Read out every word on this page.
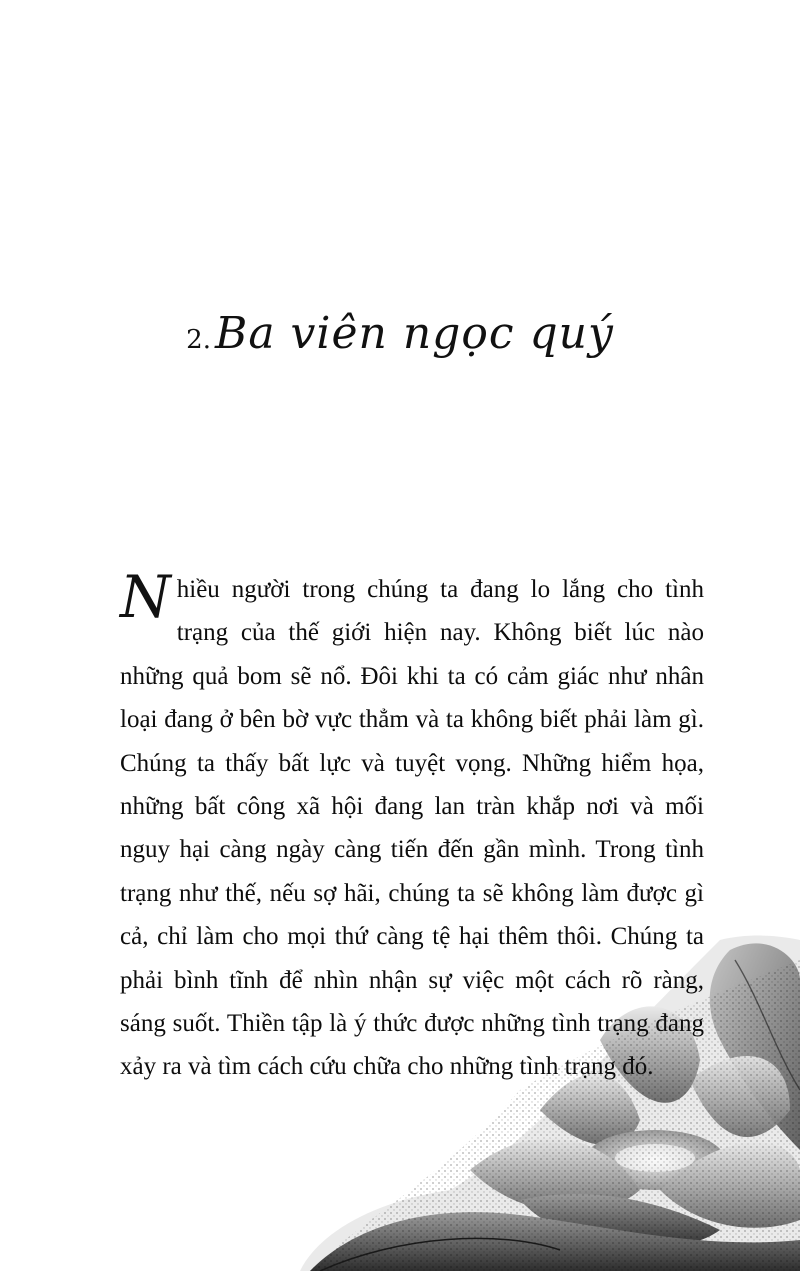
2. Ba viên ngọc quý

Nhiều người trong chúng ta đang lo lắng cho tình trạng của thế giới hiện nay. Không biết lúc nào những quả bom sẽ nổ. Đôi khi ta có cảm giác như nhân loại đang ở bên bờ vực thẳm và ta không biết phải làm gì. Chúng ta thấy bất lực và tuyệt vọng. Những hiểm họa, những bất công xã hội đang lan tràn khắp nơi và mối nguy hại càng ngày càng tiến đến gần mình. Trong tình trạng như thế, nếu sợ hãi, chúng ta sẽ không làm được gì cả, chỉ làm cho mọi thứ càng tệ hại thêm thôi. Chúng ta phải bình tĩnh để nhìn nhận sự việc một cách rõ ràng, sáng suốt. Thiền tập là ý thức được những tình trạng đang xảy ra và tìm cách cứu chữa cho những tình trạng đó.
